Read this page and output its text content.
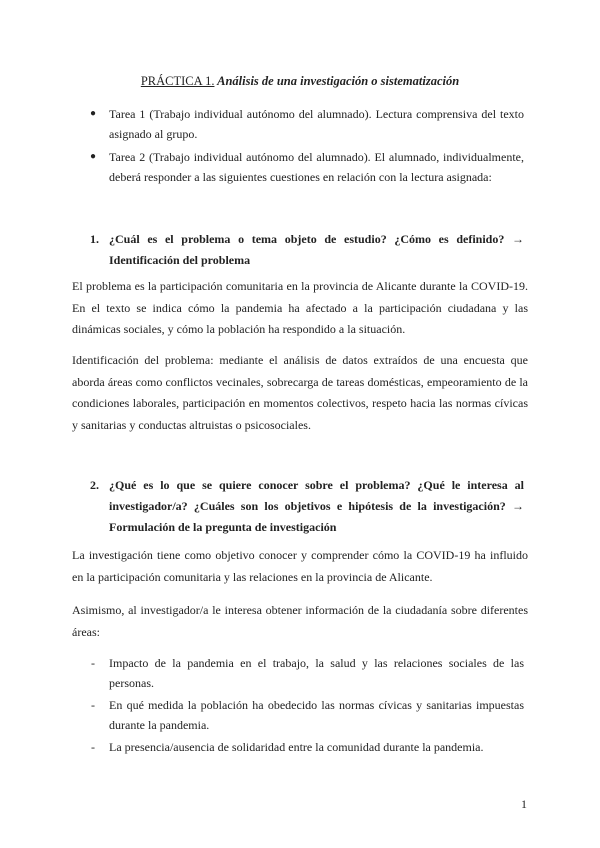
PRÁCTICA 1. Análisis de una investigación o sistematización
● Tarea 1 (Trabajo individual autónomo del alumnado). Lectura comprensiva del texto asignado al grupo.
● Tarea 2 (Trabajo individual autónomo del alumnado). El alumnado, individualmente, deberá responder a las siguientes cuestiones en relación con la lectura asignada:
1. ¿Cuál es el problema o tema objeto de estudio? ¿Cómo es definido? → Identificación del problema

El problema es la participación comunitaria en la provincia de Alicante durante la COVID-19. En el texto se indica cómo la pandemia ha afectado a la participación ciudadana y las dinámicas sociales, y cómo la población ha respondido a la situación.

Identificación del problema: mediante el análisis de datos extraídos de una encuesta que aborda áreas como conflictos vecinales, sobrecarga de tareas domésticas, empeoramiento de la condiciones laborales, participación en momentos colectivos, respeto hacia las normas cívicas y sanitarias y conductas altruistas o psicosociales.

2. ¿Qué es lo que se quiere conocer sobre el problema? ¿Qué le interesa al investigador/a? ¿Cuáles son los objetivos e hipótesis de la investigación? → Formulación de la pregunta de investigación

La investigación tiene como objetivo conocer y comprender cómo la COVID-19 ha influido en la participación comunitaria y las relaciones en la provincia de Alicante.

Asimismo, al investigador/a le interesa obtener información de la ciudadanía sobre diferentes áreas:

- Impacto de la pandemia en el trabajo, la salud y las relaciones sociales de las personas.
- En qué medida la población ha obedecido las normas cívicas y sanitarias impuestas durante la pandemia.
- La presencia/ausencia de solidaridad entre la comunidad durante la pandemia.
1
